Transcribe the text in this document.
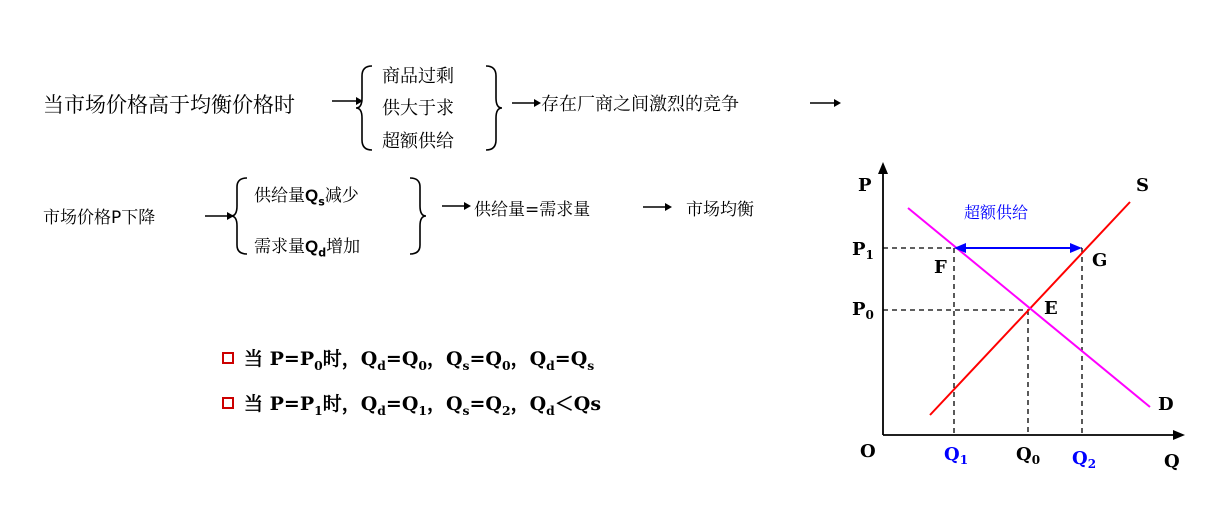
当市场价格高于均衡价格时
商品过剩
供大于求
超额供给
存在厂商之间激烈的竞争
市场价格P下降
供给量$Q_s$减少
需求量$Q_d$增加
供给量=需求量	市场均衡
当 $P=P_0$时，$Q_d=Q_0$，$Q_s=Q_0$，$Q_d=Q_s$
当 $P=P_1$时，$Q_d=Q_1$，$Q_s=Q_2$，$Q_d<Qs$
超额供给
P	S
D
O	Q
$P_1$
$P_0$
F	G
E
$Q_1$	$Q_0$ $Q_2$
